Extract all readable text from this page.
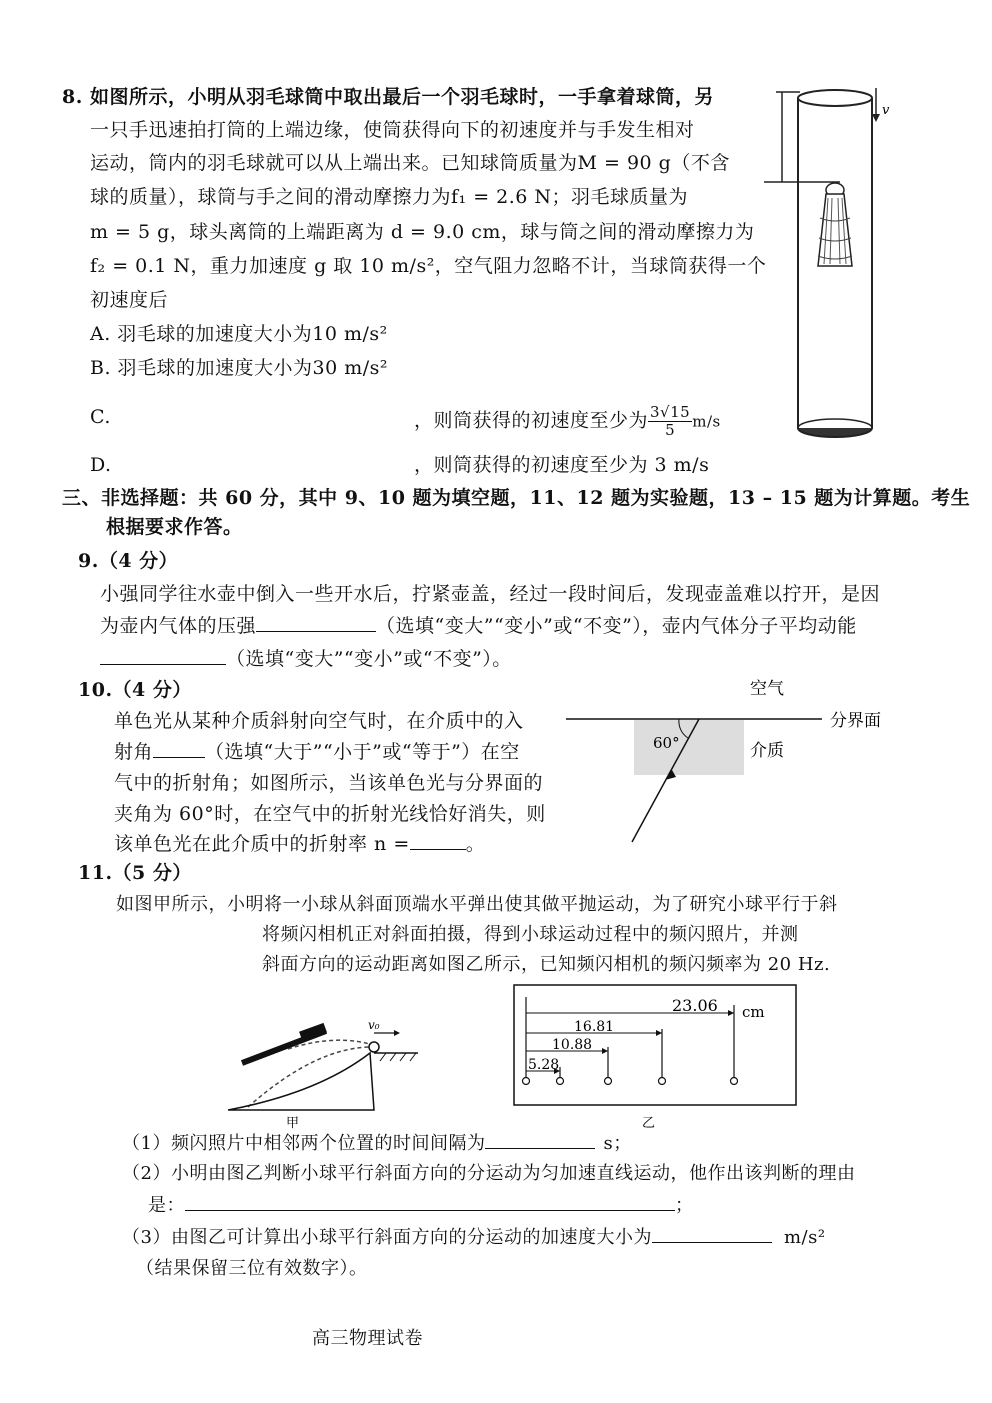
8. 如图所示，小明从羽毛球筒中取出最后一个羽毛球时，一手拿着球筒，另
一只手迅速拍打筒的上端边缘，使筒获得向下的初速度并与手发生相对
运动，筒内的羽毛球就可以从上端出来。已知球筒质量为M = 90 g（不含
球的质量），球筒与手之间的滑动摩擦力为f₁ = 2.6 N；羽毛球质量为
m = 5 g，球头离筒的上端距离为 d = 9.0 cm，球与筒之间的滑动摩擦力为
f₂ = 0.1 N，重力加速度 g 取 10 m/s²，空气阻力忽略不计，当球筒获得一个
初速度后
A. 羽毛球的加速度大小为10 m/s²
B. 羽毛球的加速度大小为30 m/s²
C.	，则筒获得的初速度至少为 $\frac{3√15}{5} m/s$
D.	，则筒获得的初速度至少为 3 m/s
v
三、非选择题：共 60 分，其中 9、10 题为填空题，11、12 题为实验题，13 – 15 题为计算题。考生
根据要求作答。
9.（4 分）
小强同学往水壶中倒入一些开水后，拧紧壶盖，经过一段时间后，发现壶盖难以拧开，是因
为壶内气体的压强	（选填“变大”“变小”或“不变”），壶内气体分子平均动能
（选填“变大”“变小”或“不变”）。
10.（4 分）
单色光从某种介质斜射向空气时，在介质中的入
射角	（选填“大于”“小于”或“等于”）在空
气中的折射角；如图所示，当该单色光与分界面的
夹角为 60°时，在空气中的折射光线恰好消失，则
该单色光在此介质中的折射率 n =	。
空气
分界面
介质
60°
11.（5 分）
如图甲所示，小明将一小球从斜面顶端水平弹出使其做平抛运动，为了研究小球平行于斜
将频闪相机正对斜面拍摄，得到小球运动过程中的频闪照片，并测
斜面方向的运动距离如图乙所示，已知频闪相机的频闪频率为 20 Hz.
v₀
甲
5.28
10.88
16.81
23.06 cm
乙
（1）频闪照片中相邻两个位置的时间间隔为	s；
（2）小明由图乙判断小球平行斜面方向的分运动为匀加速直线运动，他作出该判断的理由
是：	；
（3）由图乙可计算出小球平行斜面方向的分运动的加速度大小为	m/s²
（结果保留三位有效数字）。
高三物理试卷
